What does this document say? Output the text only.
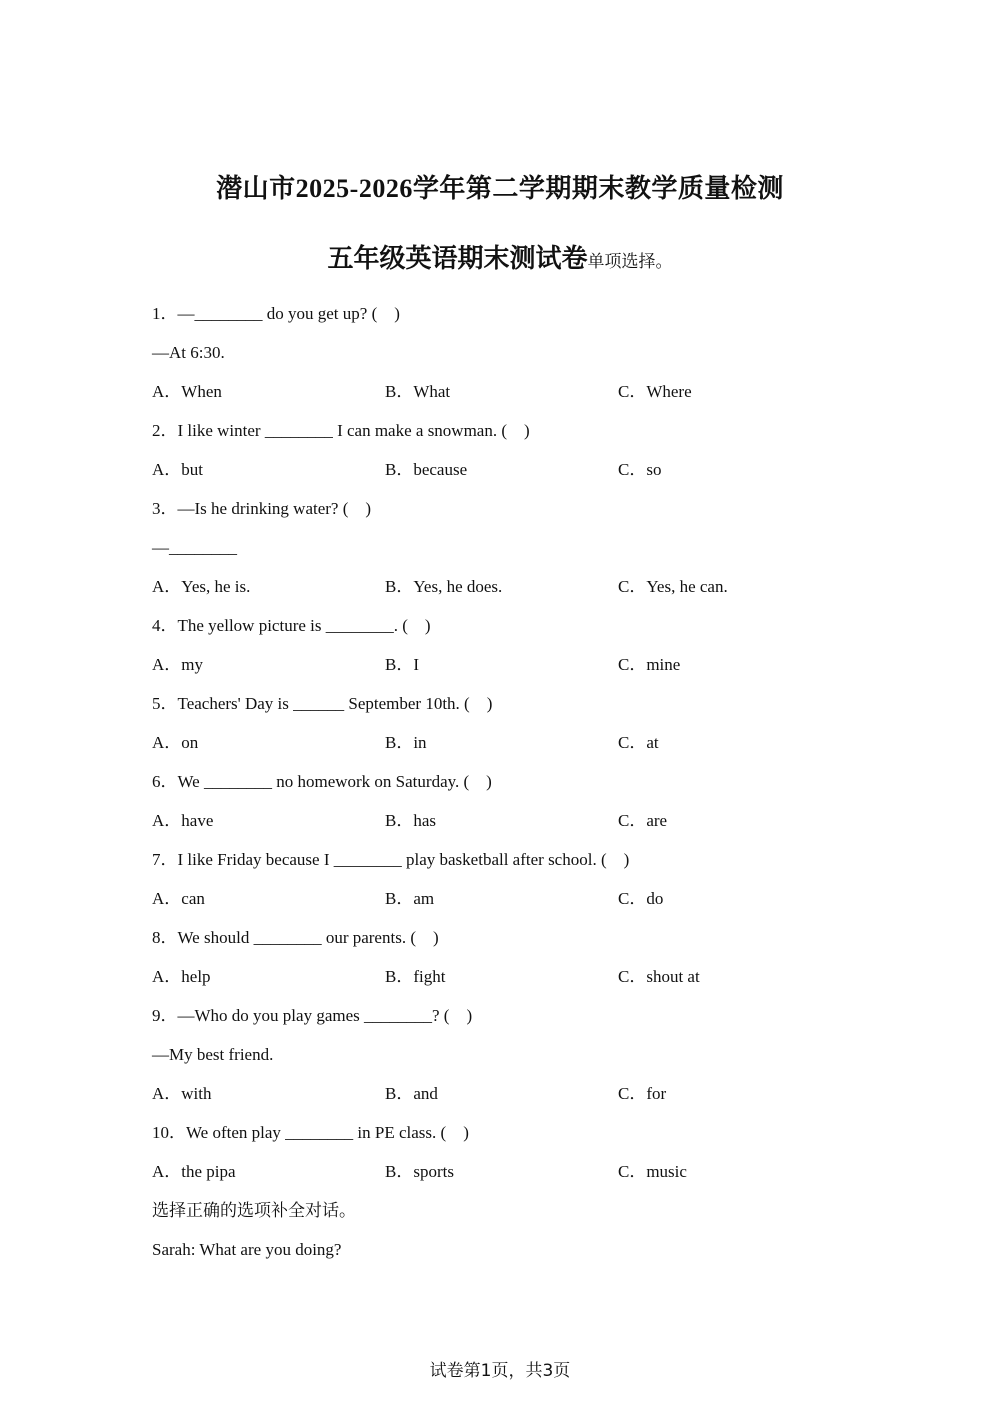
潜山市2025-2026学年第二学期期末教学质量检测
五年级英语期末测试卷单项选择。
1．—________ do you get up? (　)
—At 6:30.
A．When	B．What	C．Where
2．I like winter ________ I can make a snowman. (　)
A．but	B．because	C．so
3．—Is he drinking water? (　)
—________
A．Yes, he is.	B．Yes, he does.	C．Yes, he can.
4．The yellow picture is ________. (　)
A．my	B．I	C．mine
5．Teachers' Day is ______ September 10th. (　)
A．on	B．in	C．at
6．We ________ no homework on Saturday. (　)
A．have	B．has	C．are
7．I like Friday because I ________ play basketball after school. (　)
A．can	B．am	C．do
8．We should ________ our parents. (　)
A．help	B．fight	C．shout at
9．—Who do you play games ________? (　)
—My best friend.
A．with	B．and	C．for
10．We often play ________ in PE class. (　)
A．the pipa	B．sports	C．music
选择正确的选项补全对话。
Sarah: What are you doing?
试卷第1页，共3页
